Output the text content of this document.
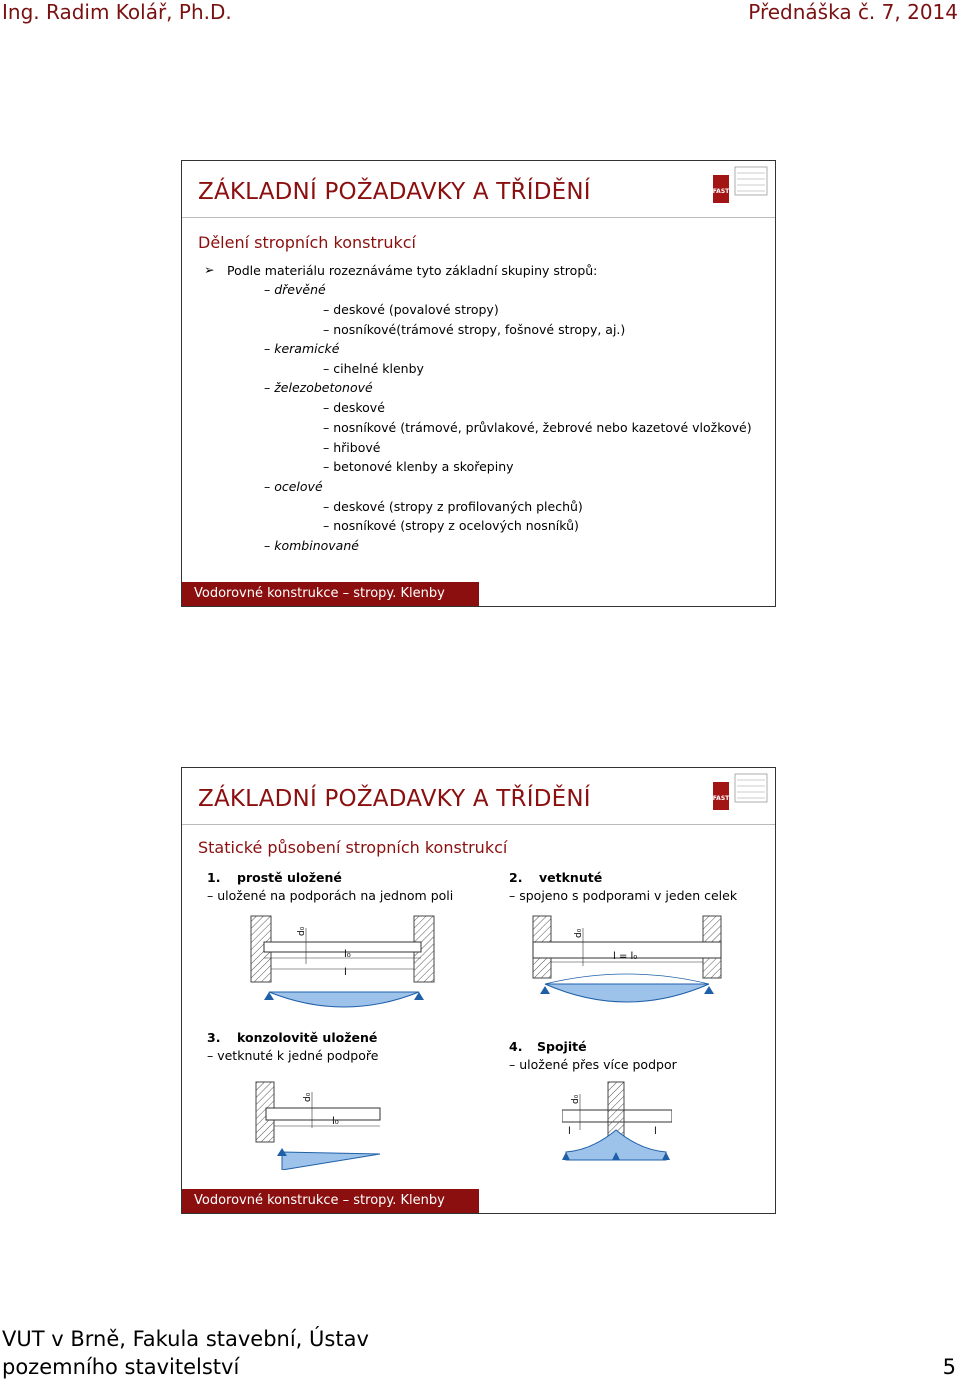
Ing. Radim Kolář, Ph.D.	Přednáška č. 7, 2014
ZÁKLADNÍ POŽADAVKY A TŘÍDĚNÍ	FAST
Dělení stropních konstrukcí
➢ Podle materiálu rozeznáváme tyto základní skupiny stropů:
– dřevěné
– deskové (povalové stropy)
– nosníkové(trámové stropy, fošnové stropy, aj.)
– keramické
– cihelné klenby
– železobetonové
– deskové
– nosníkové (trámové, průvlakové, žebrové nebo kazetové vložkové)
– hřibové
– betonové klenby a skořepiny
– ocelové
– deskové (stropy z profilovaných plechů)
– nosníkové (stropy z ocelových nosníků)
– kombinované
Vodorovné konstrukce – stropy. Klenby
ZÁKLADNÍ POŽADAVKY A TŘÍDĚNÍ	FAST
Statické působení stropních konstrukcí
1. prostě uložené
– uložené na podporách na jednom poli
2. vetknuté
– spojeno s podporami v jeden celek
3. konzolovitě uložené
– vetknuté k jedné podpoře
4. Spojité
– uložené přes více podpor
d₀
l₀
l
d₀
l = l₀
d₀
l₀
d₀
l	l
Vodorovné konstrukce – stropy. Klenby
VUT v Brně, Fakula stavební, Ústav
pozemního stavitelství	5
